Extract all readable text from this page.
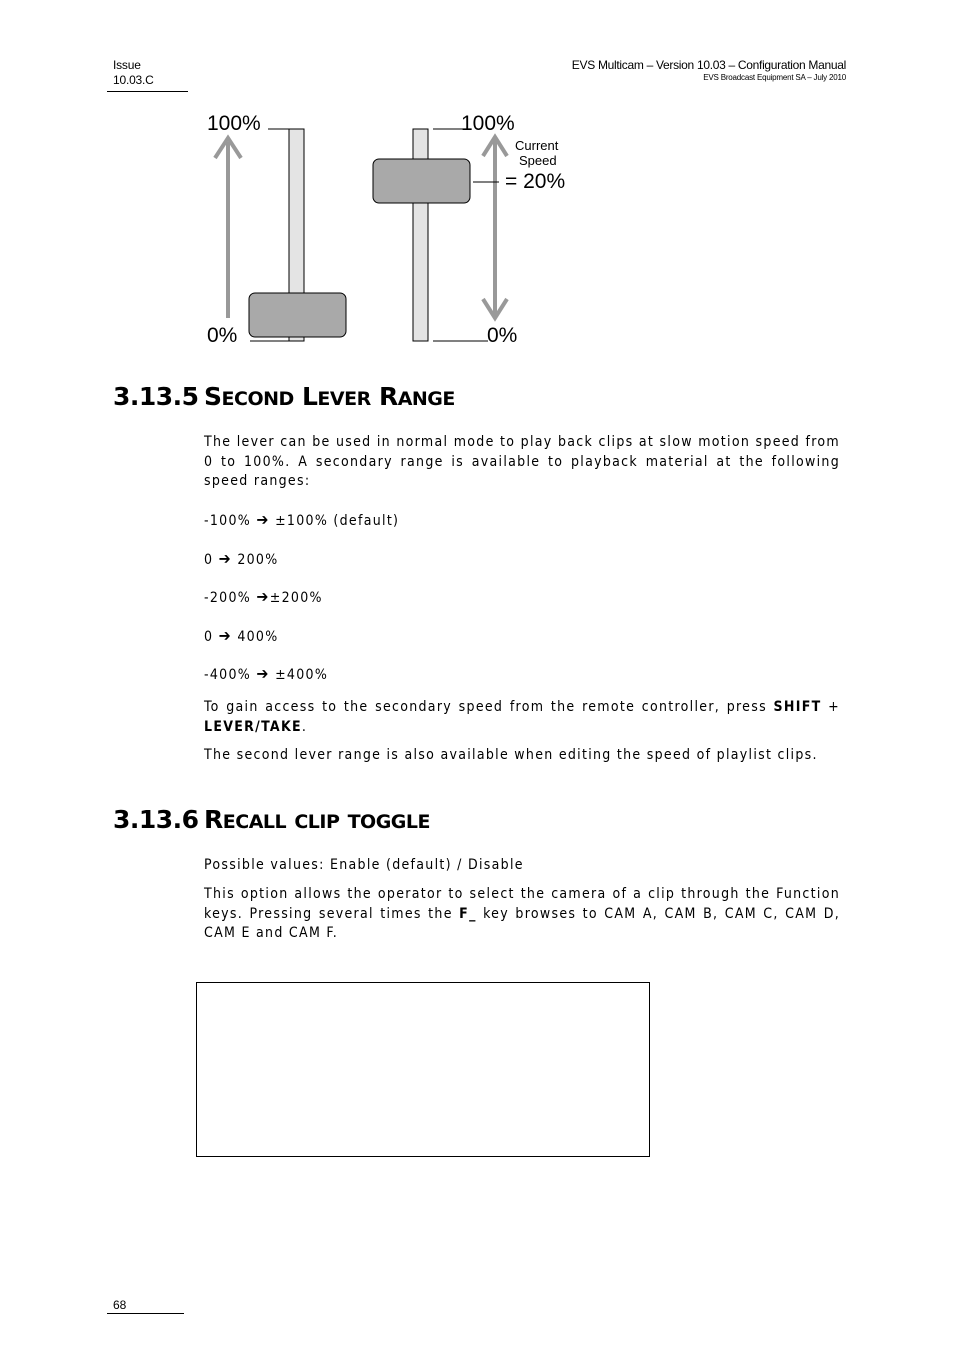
Issue
10.03.C
EVS Multicam – Version 10.03 – Configuration Manual
EVS Broadcast Equipment SA – July 2010
100%
0%
100%
Current
Speed
= 20%
0%
3.13.5 SECOND LEVER RANGE
The lever can be used in normal mode to play back clips at slow motion speed from 0 to 100%. A secondary range is available to playback material at the following speed ranges:
-100% ➔ ±100% (default)
0 ➔ 200%
-200% ➔±200%
0 ➔ 400%
-400% ➔ ±400%
To gain access to the secondary speed from the remote controller, press SHIFT + LEVER/TAKE.
The second lever range is also available when editing the speed of playlist clips.
3.13.6 RECALL CLIP TOGGLE
Possible values: Enable (default) / Disable
This option allows the operator to select the camera of a clip through the Function keys. Pressing several times the F_ key browses to CAM A, CAM B, CAM C, CAM D, CAM E and CAM F.
68
